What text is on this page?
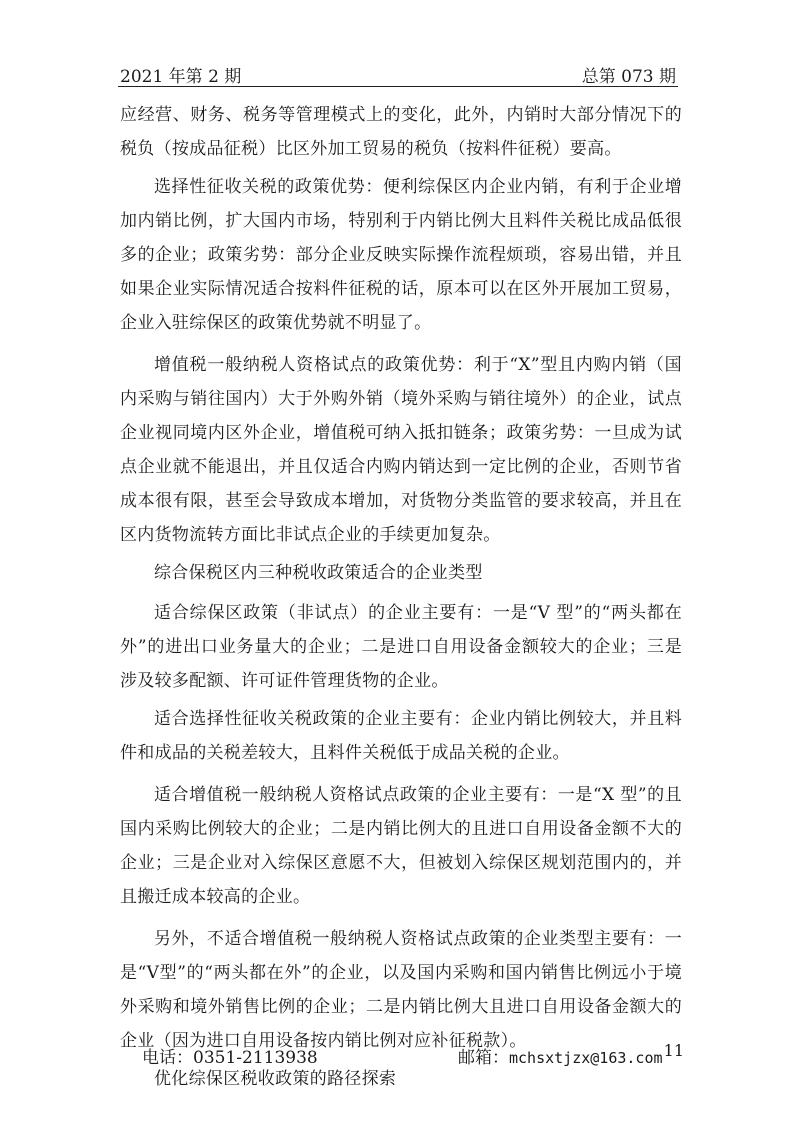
2021 年第 2 期	总第 073 期

应经营、财务、税务等管理模式上的变化，此外，内销时大部分情况下的税负（按成品征税）比区外加工贸易的税负（按料件征税）要高。

选择性征收关税的政策优势：便利综保区内企业内销，有利于企业增加内销比例，扩大国内市场，特别利于内销比例大且料件关税比成品低很多的企业；政策劣势：部分企业反映实际操作流程烦琐，容易出错，并且如果企业实际情况适合按料件征税的话，原本可以在区外开展加工贸易，企业入驻综保区的政策优势就不明显了。

增值税一般纳税人资格试点的政策优势：利于“X”型且内购内销（国内采购与销往国内）大于外购外销（境外采购与销往境外）的企业，试点企业视同境内区外企业，增值税可纳入抵扣链条；政策劣势：一旦成为试点企业就不能退出，并且仅适合内购内销达到一定比例的企业，否则节省成本很有限，甚至会导致成本增加，对货物分类监管的要求较高，并且在区内货物流转方面比非试点企业的手续更加复杂。

综合保税区内三种税收政策适合的企业类型

适合综保区政策（非试点）的企业主要有：一是“V 型”的“两头都在外”的进出口业务量大的企业；二是进口自用设备金额较大的企业；三是涉及较多配额、许可证件管理货物的企业。

适合选择性征收关税政策的企业主要有：企业内销比例较大，并且料件和成品的关税差较大，且料件关税低于成品关税的企业。

适合增值税一般纳税人资格试点政策的企业主要有：一是“X 型”的且国内采购比例较大的企业；二是内销比例大的且进口自用设备金额不大的企业；三是企业对入综保区意愿不大，但被划入综保区规划范围内的，并且搬迁成本较高的企业。

另外，不适合增值税一般纳税人资格试点政策的企业类型主要有：一是“V型”的“两头都在外”的企业，以及国内采购和国内销售比例远小于境外采购和境外销售比例的企业；二是内销比例大且进口自用设备金额大的企业（因为进口自用设备按内销比例对应补征税款）。

优化综保区税收政策的路径探索

电话：0351-2113938	邮箱：mchsxtjzx@163.com 11
